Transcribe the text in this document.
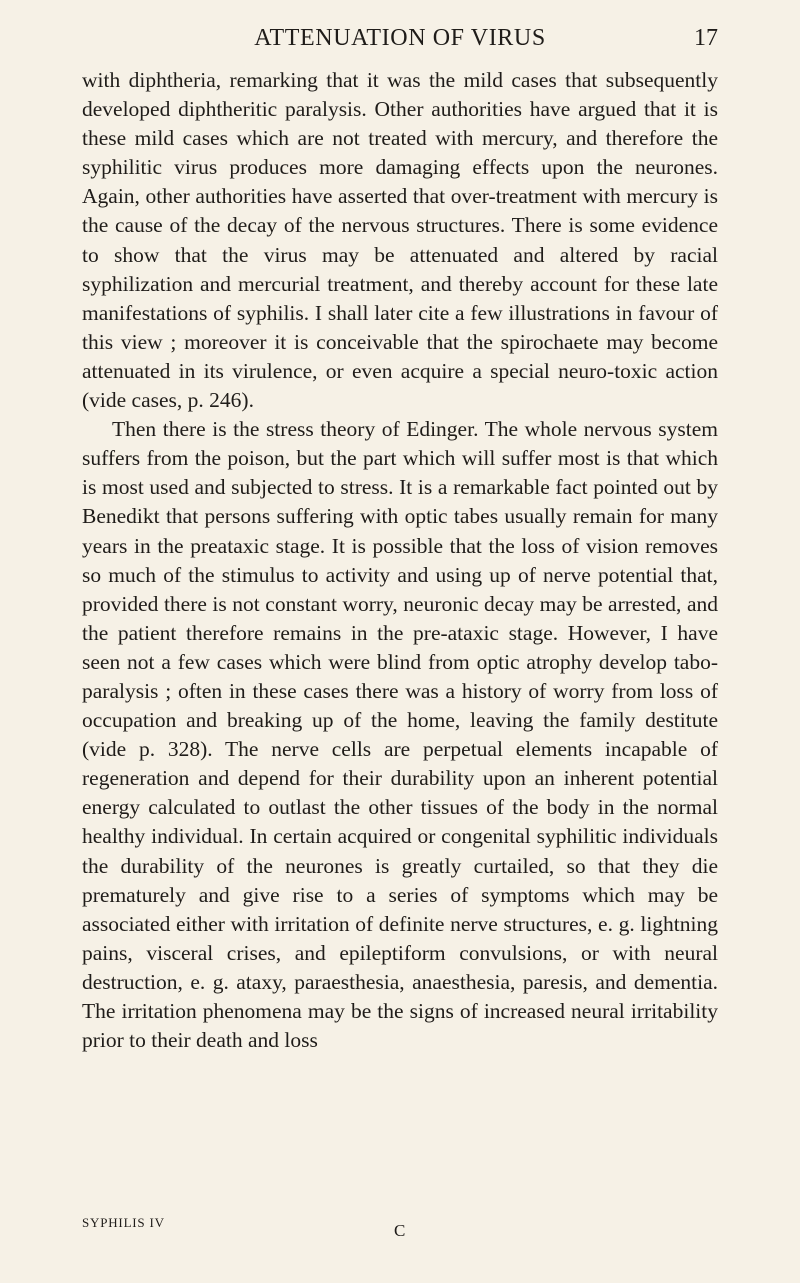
ATTENUATION OF VIRUS	17

with diphtheria, remarking that it was the mild cases that subsequently developed diphtheritic paralysis. Other authorities have argued that it is these mild cases which are not treated with mercury, and therefore the syphilitic virus produces more damaging effects upon the neurones. Again, other authorities have asserted that over-treatment with mercury is the cause of the decay of the nervous structures. There is some evidence to show that the virus may be attenuated and altered by racial syphilization and mercurial treatment, and thereby account for these late manifestations of syphilis. I shall later cite a few illustrations in favour of this view ; moreover it is conceivable that the spirochaete may become attenuated in its virulence, or even acquire a special neuro-toxic action (vide cases, p. 246).

Then there is the stress theory of Edinger. The whole nervous system suffers from the poison, but the part which will suffer most is that which is most used and subjected to stress. It is a remarkable fact pointed out by Benedikt that persons suffering with optic tabes usually remain for many years in the preataxic stage. It is possible that the loss of vision removes so much of the stimulus to activity and using up of nerve potential that, provided there is not constant worry, neuronic decay may be arrested, and the patient therefore remains in the pre-ataxic stage. However, I have seen not a few cases which were blind from optic atrophy develop tabo-paralysis ; often in these cases there was a history of worry from loss of occupation and breaking up of the home, leaving the family destitute (vide p. 328). The nerve cells are perpetual elements incapable of regeneration and depend for their durability upon an inherent potential energy calculated to outlast the other tissues of the body in the normal healthy individual. In certain acquired or congenital syphilitic individuals the durability of the neurones is greatly curtailed, so that they die prematurely and give rise to a series of symptoms which may be associated either with irritation of definite nerve structures, e. g. lightning pains, visceral crises, and epileptiform convulsions, or with neural destruction, e. g. ataxy, paraesthesia, anaesthesia, paresis, and dementia. The irritation phenomena may be the signs of increased neural irritability prior to their death and loss

SYPHILIS IV	C
